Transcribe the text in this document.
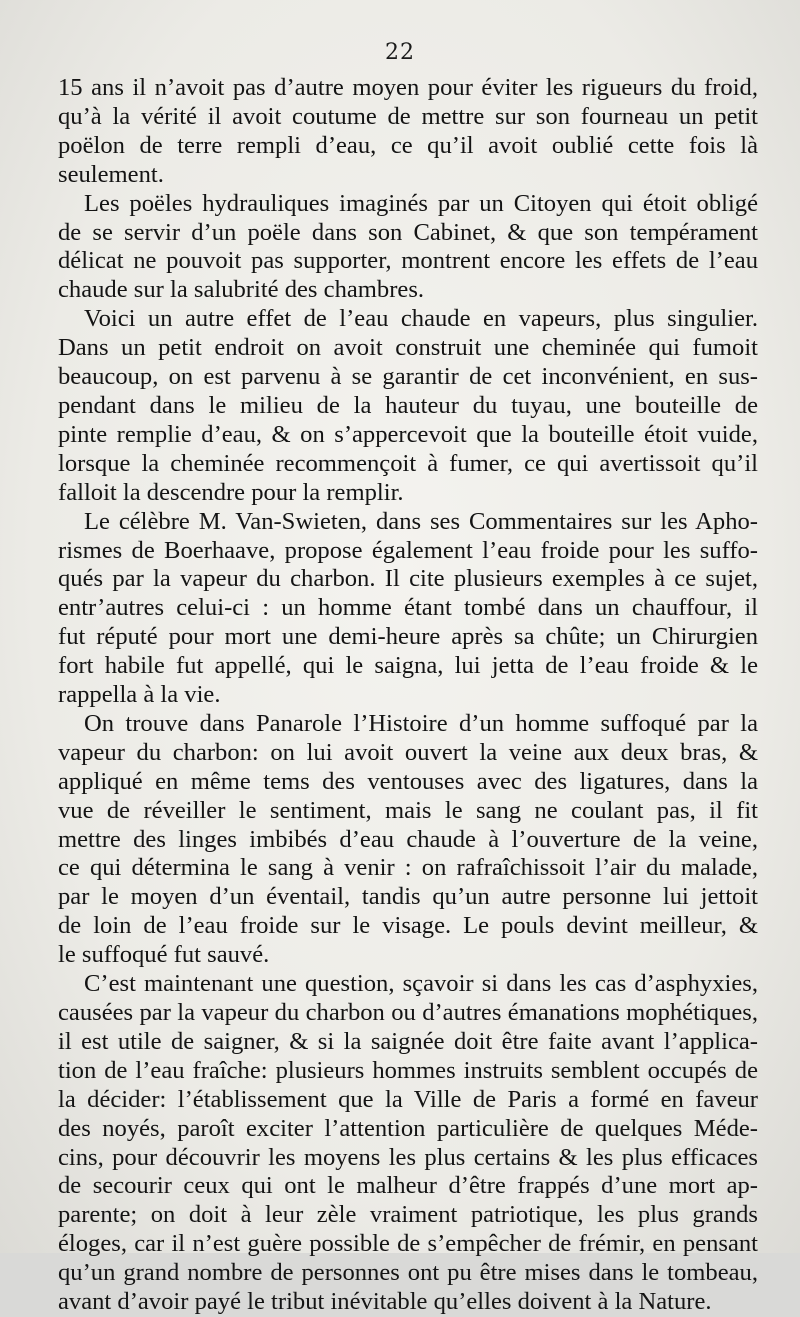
22
15 ans il n’avoit pas d’autre moyen pour éviter les rigueurs du froid,
qu’à la vérité il avoit coutume de mettre sur son fourneau un petit
poëlon de terre rempli d’eau, ce qu’il avoit oublié cette fois là
seulement.
Les poëles hydrauliques imaginés par un Citoyen qui étoit obligé
de se servir d’un poële dans son Cabinet, & que son tempérament
délicat ne pouvoit pas supporter, montrent encore les effets de l’eau
chaude sur la salubrité des chambres.
Voici un autre effet de l’eau chaude en vapeurs, plus singulier.
Dans un petit endroit on avoit construit une cheminée qui fumoit
beaucoup, on est parvenu à se garantir de cet inconvénient, en sus-
pendant dans le milieu de la hauteur du tuyau, une bouteille de
pinte remplie d’eau, & on s’appercevoit que la bouteille étoit vuide,
lorsque la cheminée recommençoit à fumer, ce qui avertissoit qu’il
falloit la descendre pour la remplir.
Le célèbre M. Van-Swieten, dans ses Commentaires sur les Apho-
rismes de Boerhaave, propose également l’eau froide pour les suffo-
qués par la vapeur du charbon. Il cite plusieurs exemples à ce sujet,
entr’autres celui-ci : un homme étant tombé dans un chauffour, il
fut réputé pour mort une demi-heure après sa chûte; un Chirurgien
fort habile fut appellé, qui le saigna, lui jetta de l’eau froide & le
rappella à la vie.
On trouve dans Panarole l’Histoire d’un homme suffoqué par la
vapeur du charbon: on lui avoit ouvert la veine aux deux bras, &
appliqué en même tems des ventouses avec des ligatures, dans la
vue de réveiller le sentiment, mais le sang ne coulant pas, il fit
mettre des linges imbibés d’eau chaude à l’ouverture de la veine,
ce qui détermina le sang à venir : on rafraîchissoit l’air du malade,
par le moyen d’un éventail, tandis qu’un autre personne lui jettoit
de loin de l’eau froide sur le visage. Le pouls devint meilleur, &
le suffoqué fut sauvé.
C’est maintenant une question, sçavoir si dans les cas d’asphyxies,
causées par la vapeur du charbon ou d’autres émanations mophétiques,
il est utile de saigner, & si la saignée doit être faite avant l’applica-
tion de l’eau fraîche: plusieurs hommes instruits semblent occupés de
la décider: l’établissement que la Ville de Paris a formé en faveur
des noyés, paroît exciter l’attention particulière de quelques Méde-
cins, pour découvrir les moyens les plus certains & les plus efficaces
de secourir ceux qui ont le malheur d’être frappés d’une mort ap-
parente; on doit à leur zèle vraiment patriotique, les plus grands
éloges, car il n’est guère possible de s’empêcher de frémir, en pensant
qu’un grand nombre de personnes ont pu être mises dans le tombeau,
avant d’avoir payé le tribut inévitable qu’elles doivent à la Nature.
